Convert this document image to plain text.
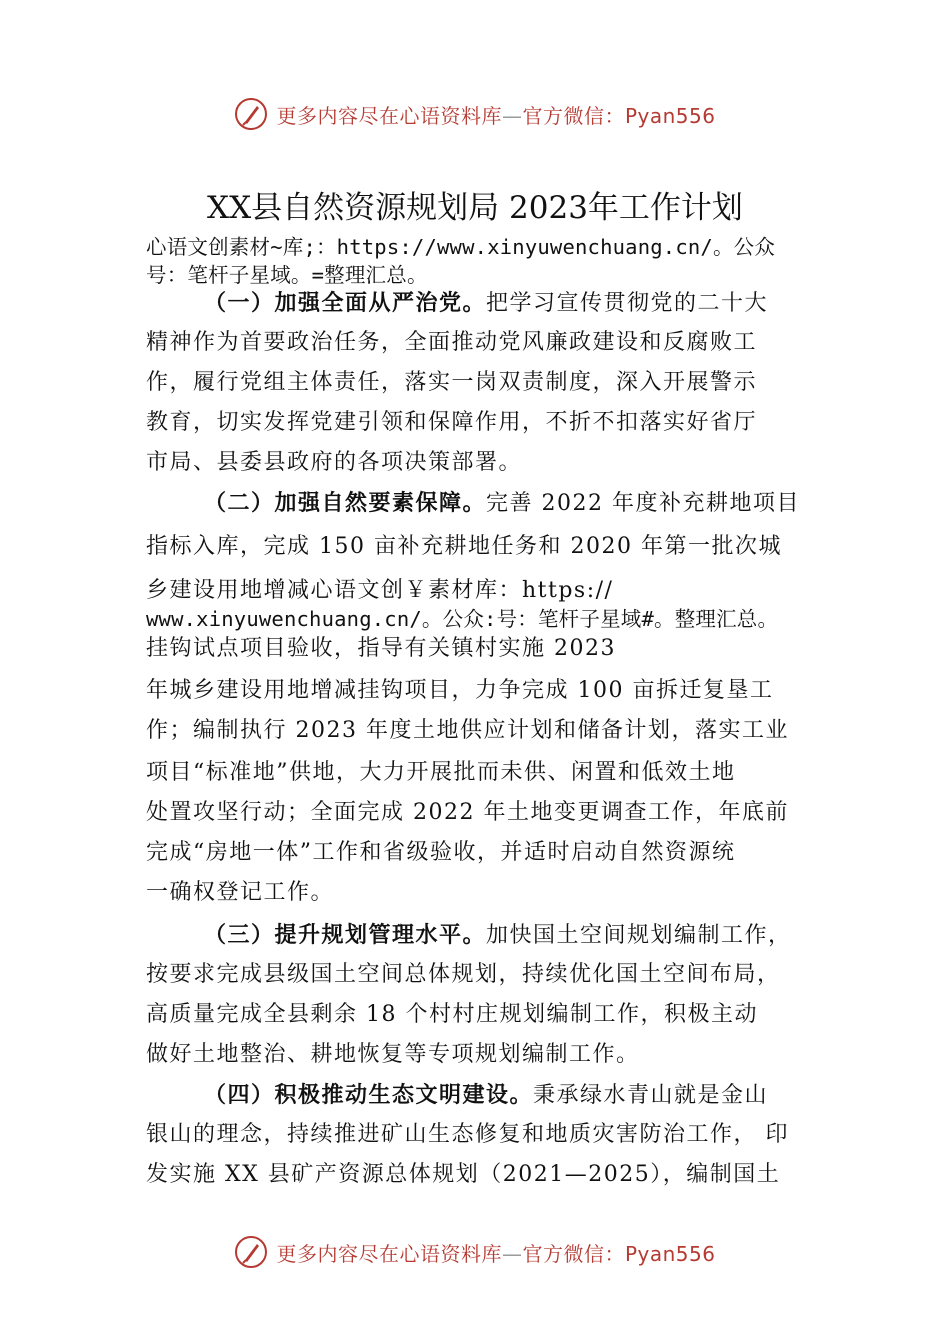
更多内容尽在心语资料库—官方微信：Pyan556
XX县自然资源规划局 2023年工作计划
心语文创素材~库;：https://www.xinyuwenchuang.cn/。公众
号：笔杆子星域。=整理汇总。
（一）加强全面从严治党。把学习宣传贯彻党的二十大
精神作为首要政治任务，全面推动党风廉政建设和反腐败工
作，履行党组主体责任，落实一岗双责制度，深入开展警示
教育，切实发挥党建引领和保障作用，不折不扣落实好省厅
市局、县委县政府的各项决策部署。
（二）加强自然要素保障。完善 2022 年度补充耕地项目
指标入库，完成 150 亩补充耕地任务和 2020 年第一批次城
乡建设用地增减心语文创￥素材库：https://
www.xinyuwenchuang.cn/。公众:号：笔杆子星域#。整理汇总。
挂钩试点项目验收，指导有关镇村实施 2023
年城乡建设用地增减挂钩项目，力争完成 100 亩拆迁复垦工
作；编制执行 2023 年度土地供应计划和储备计划，落实工业
项目“标准地”供地，大力开展批而未供、闲置和低效土地
处置攻坚行动；全面完成 2022 年土地变更调查工作，年底前
完成“房地一体”工作和省级验收，并适时启动自然资源统
一确权登记工作。
（三）提升规划管理水平。加快国土空间规划编制工作，
按要求完成县级国土空间总体规划，持续优化国土空间布局，
高质量完成全县剩余 18 个村村庄规划编制工作，积极主动
做好土地整治、耕地恢复等专项规划编制工作。
（四）积极推动生态文明建设。秉承绿水青山就是金山
银山的理念，持续推进矿山生态修复和地质灾害防治工作， 印
发实施 XX 县矿产资源总体规划（2021—2025），编制国土
更多内容尽在心语资料库—官方微信：Pyan556
